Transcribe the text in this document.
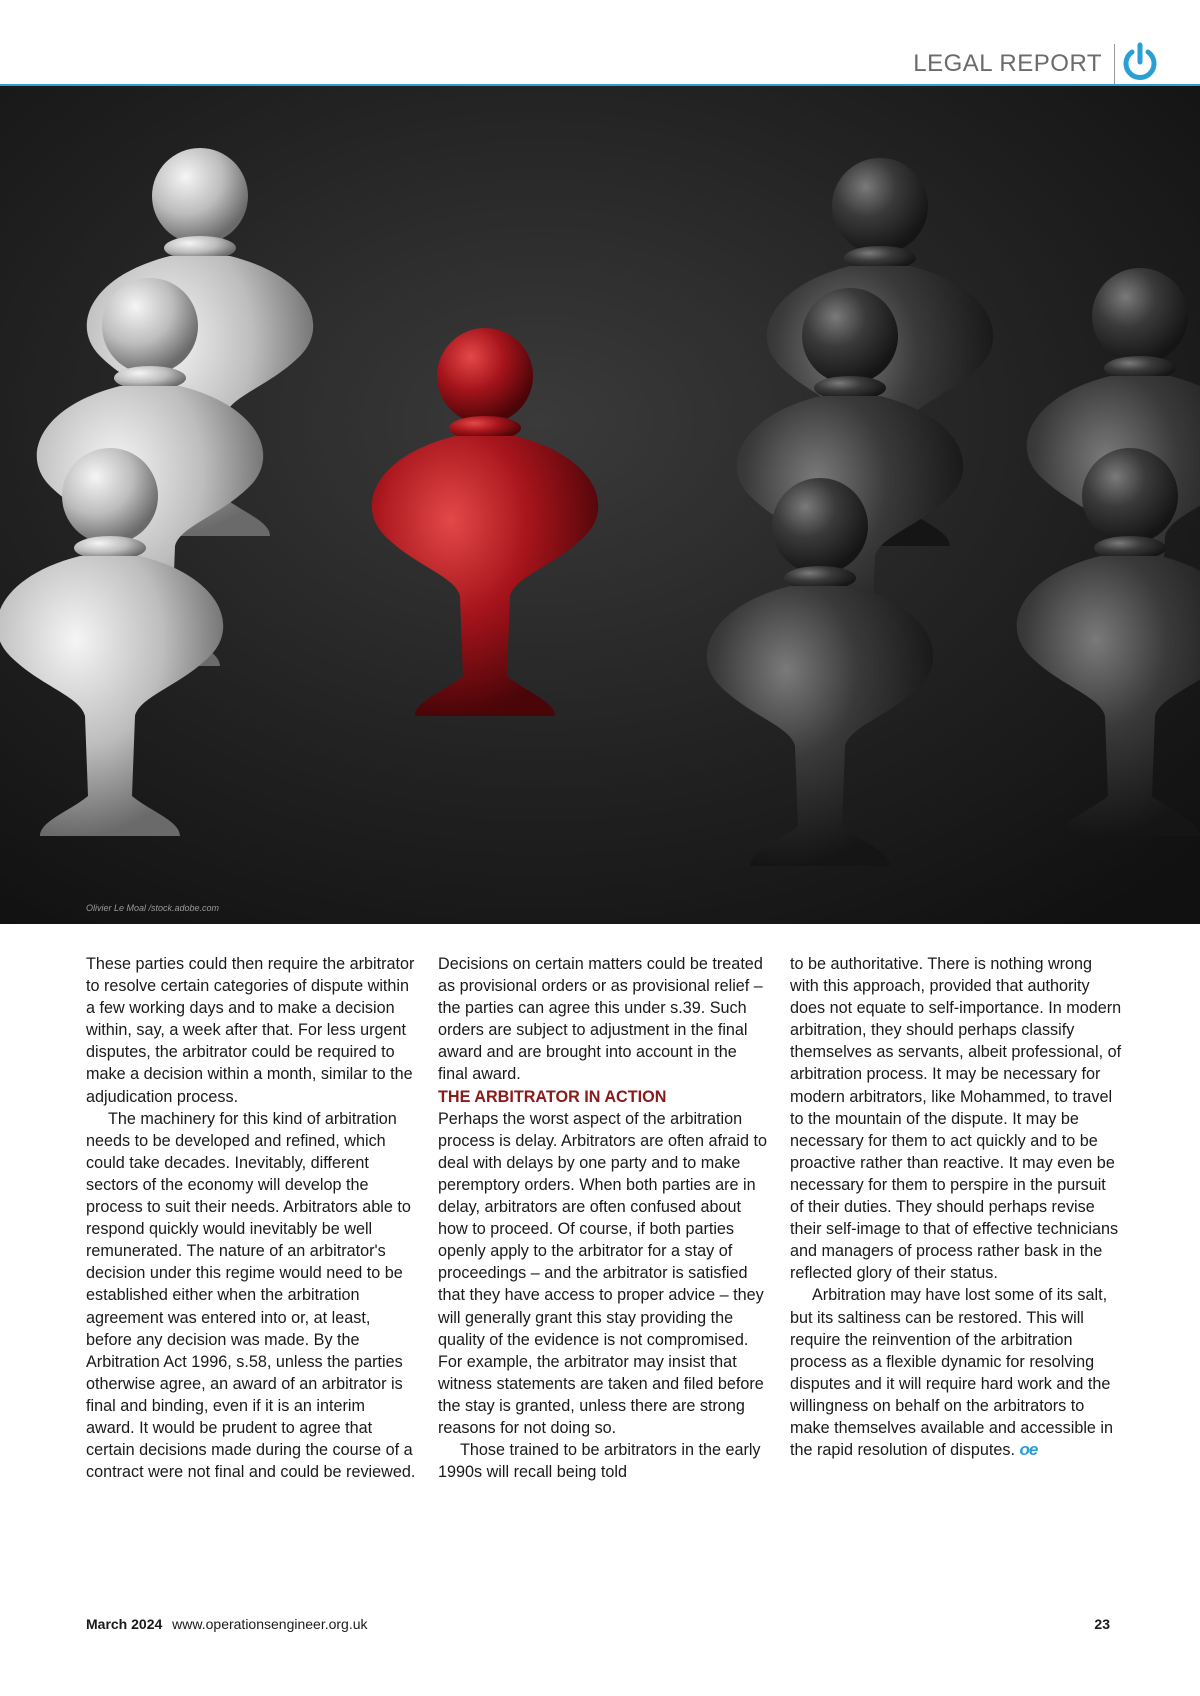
LEGAL REPORT
Olivier Le Moal /stock.adobe.com

These parties could then require the arbitrator to resolve certain categories of dispute within a few working days and to make a decision within, say, a week after that. For less urgent disputes, the arbitrator could be required to make a decision within a month, similar to the adjudication process.

The machinery for this kind of arbitration needs to be developed and refined, which could take decades. Inevitably, different sectors of the economy will develop the process to suit their needs. Arbitrators able to respond quickly would inevitably be well remunerated. The nature of an arbitrator's decision under this regime would need to be established either when the arbitration agreement was entered into or, at least, before any decision was made. By the Arbitration Act 1996, s.58, unless the parties otherwise agree, an award of an arbitrator is final and binding, even if it is an interim award. It would be prudent to agree that certain decisions made during the course of a contract were not final and could be reviewed.

Decisions on certain matters could be treated as provisional orders or as provisional relief – the parties can agree this under s.39. Such orders are subject to adjustment in the final award and are brought into account in the final award.

THE ARBITRATOR IN ACTION

Perhaps the worst aspect of the arbitration process is delay. Arbitrators are often afraid to deal with delays by one party and to make peremptory orders. When both parties are in delay, arbitrators are often confused about how to proceed. Of course, if both parties openly apply to the arbitrator for a stay of proceedings – and the arbitrator is satisfied that they have access to proper advice – they will generally grant this stay providing the quality of the evidence is not compromised. For example, the arbitrator may insist that witness statements are taken and filed before the stay is granted, unless there are strong reasons for not doing so.

Those trained to be arbitrators in the early 1990s will recall being told

to be authoritative. There is nothing wrong with this approach, provided that authority does not equate to self-importance. In modern arbitration, they should perhaps classify themselves as servants, albeit professional, of arbitration process. It may be necessary for modern arbitrators, like Mohammed, to travel to the mountain of the dispute. It may be necessary for them to act quickly and to be proactive rather than reactive. It may even be necessary for them to perspire in the pursuit of their duties. They should perhaps revise their self-image to that of effective technicians and managers of process rather bask in the reflected glory of their status.

Arbitration may have lost some of its salt, but its saltiness can be restored. This will require the reinvention of the arbitration process as a flexible dynamic for resolving disputes and it will require hard work and the willingness on behalf on the arbitrators to make themselves available and accessible in the rapid resolution of disputes. oe

March 2024 www.operationsengineer.org.uk	23
